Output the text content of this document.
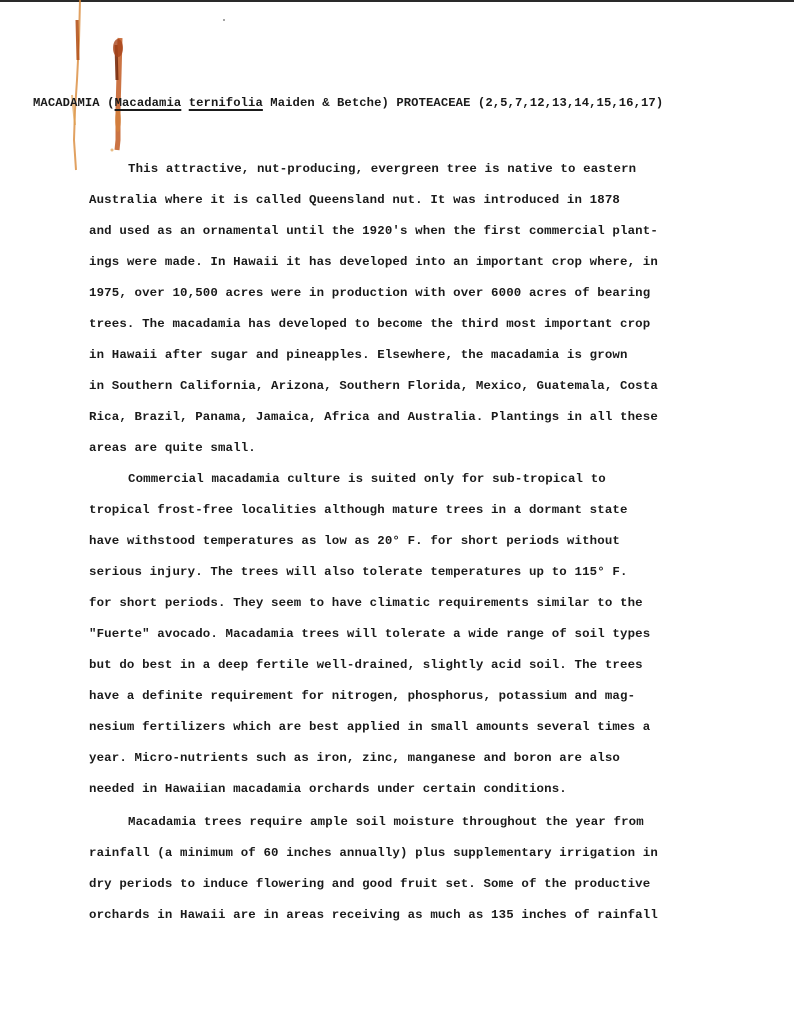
MACADAMIA (Macadamia ternifolia Maiden & Betche) PROTEACEAE (2,5,7,12,13,14,15,16,17)
This attractive, nut-producing, evergreen tree is native to eastern
Australia where it is called Queensland nut. It was introduced in 1878
and used as an ornamental until the 1920's when the first commercial plant-
ings were made. In Hawaii it has developed into an important crop where, in
1975, over 10,500 acres were in production with over 6000 acres of bearing
trees. The macadamia has developed to become the third most important crop
in Hawaii after sugar and pineapples. Elsewhere, the macadamia is grown
in Southern California, Arizona, Southern Florida, Mexico, Guatemala, Costa
Rica, Brazil, Panama, Jamaica, Africa and Australia. Plantings in all these
areas are quite small.
Commercial macadamia culture is suited only for sub-tropical to
tropical frost-free localities although mature trees in a dormant state
have withstood temperatures as low as 20° F. for short periods without
serious injury. The trees will also tolerate temperatures up to 115° F.
for short periods. They seem to have climatic requirements similar to the
"Fuerte" avocado. Macadamia trees will tolerate a wide range of soil types
but do best in a deep fertile well-drained, slightly acid soil. The trees
have a definite requirement for nitrogen, phosphorus, potassium and mag-
nesium fertilizers which are best applied in small amounts several times a
year. Micro-nutrients such as iron, zinc, manganese and boron are also
needed in Hawaiian macadamia orchards under certain conditions.
Macadamia trees require ample soil moisture throughout the year from
rainfall (a minimum of 60 inches annually) plus supplementary irrigation in
dry periods to induce flowering and good fruit set. Some of the productive
orchards in Hawaii are in areas receiving as much as 135 inches of rainfall
